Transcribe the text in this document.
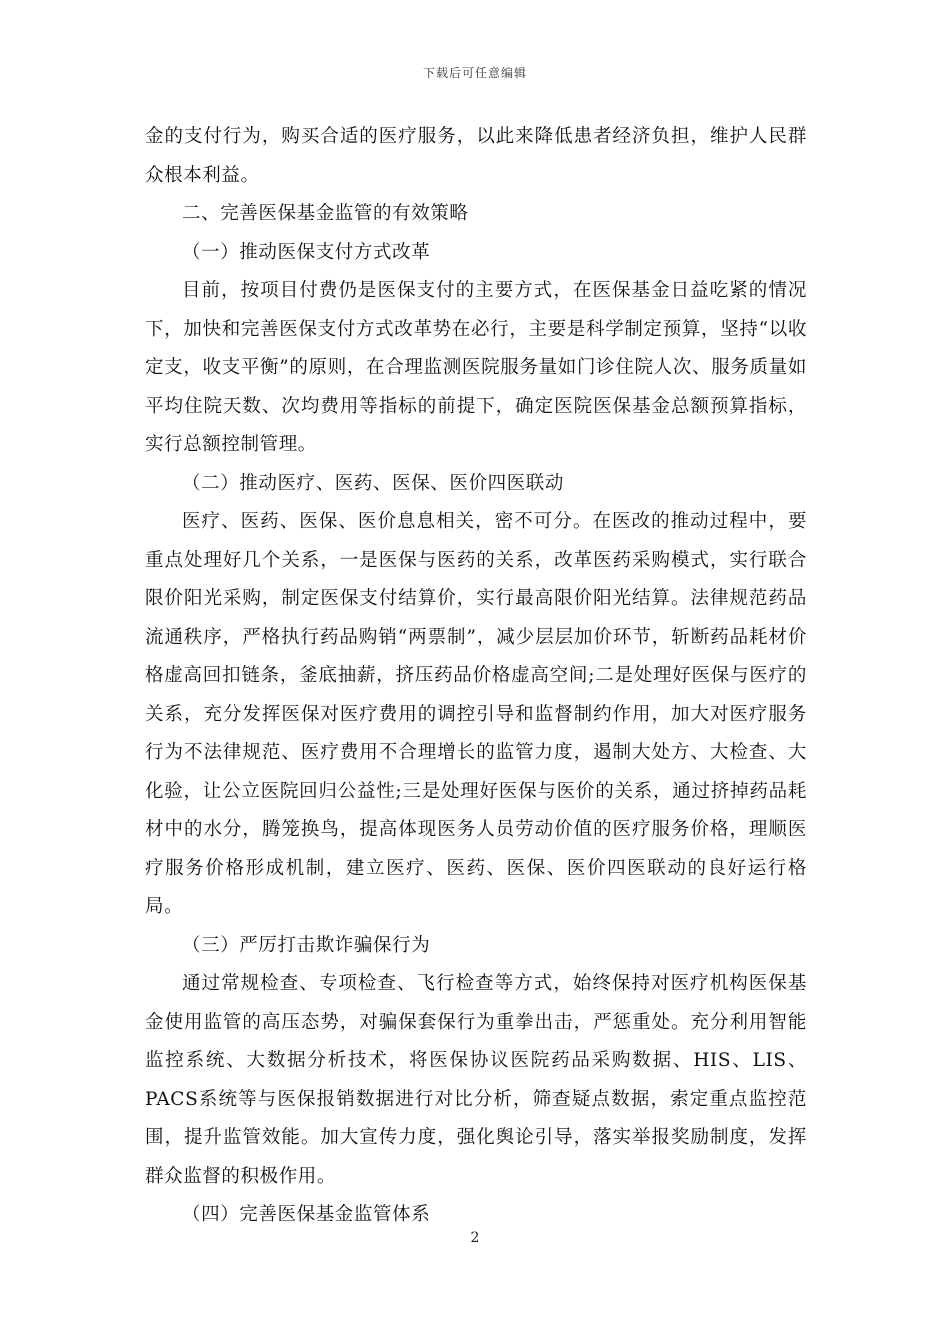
下载后可任意编辑

金的支付行为，购买合适的医疗服务，以此来降低患者经济负担，维护人民群众根本利益。

二、完善医保基金监管的有效策略

（一）推动医保支付方式改革

目前，按项目付费仍是医保支付的主要方式，在医保基金日益吃紧的情况下，加快和完善医保支付方式改革势在必行，主要是科学制定预算，坚持“以收定支，收支平衡”的原则，在合理监测医院服务量如门诊住院人次、服务质量如平均住院天数、次均费用等指标的前提下，确定医院医保基金总额预算指标，实行总额控制管理。

（二）推动医疗、医药、医保、医价四医联动

医疗、医药、医保、医价息息相关，密不可分。在医改的推动过程中，要重点处理好几个关系，一是医保与医药的关系，改革医药采购模式，实行联合限价阳光采购，制定医保支付结算价，实行最高限价阳光结算。法律规范药品流通秩序，严格执行药品购销“两票制”，减少层层加价环节，斩断药品耗材价格虚高回扣链条，釜底抽薪，挤压药品价格虚高空间;二是处理好医保与医疗的关系，充分发挥医保对医疗费用的调控引导和监督制约作用，加大对医疗服务行为不法律规范、医疗费用不合理增长的监管力度，遏制大处方、大检查、大化验，让公立医院回归公益性;三是处理好医保与医价的关系，通过挤掉药品耗材中的水分，腾笼换鸟，提高体现医务人员劳动价值的医疗服务价格，理顺医疗服务价格形成机制，建立医疗、医药、医保、医价四医联动的良好运行格局。

（三）严厉打击欺诈骗保行为

通过常规检查、专项检查、飞行检查等方式，始终保持对医疗机构医保基金使用监管的高压态势，对骗保套保行为重拳出击，严惩重处。充分利用智能监控系统、大数据分析技术，将医保协议医院药品采购数据、HIS、LIS、PACS系统等与医保报销数据进行对比分析，筛查疑点数据，索定重点监控范围，提升监管效能。加大宣传力度，强化舆论引导，落实举报奖励制度，发挥群众监督的积极作用。

（四）完善医保基金监管体系

2
